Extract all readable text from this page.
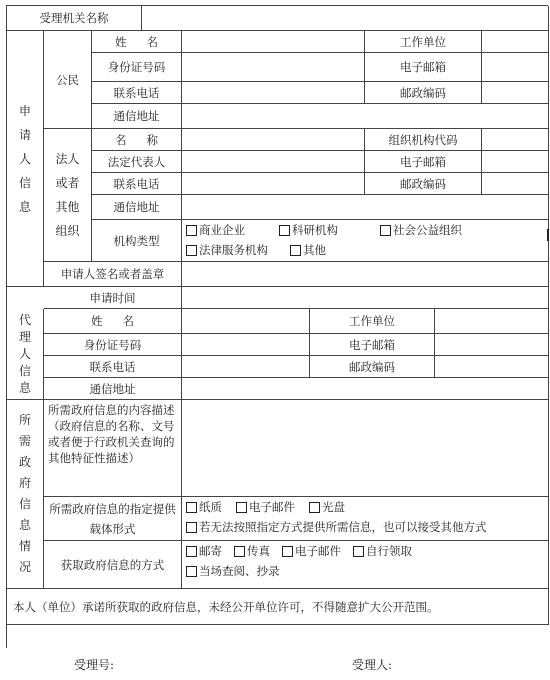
受理机关名称
申
请
人
信
息
公民
姓名	工作单位
身份证号码	电子邮箱
联系电话	邮政编码
通信地址
法人
或者
其他
组织
名称	组织机构代码
法定代表人	电子邮箱
联系电话	邮政编码
通信地址
机构类型
商业企业	科研机构	社会公益组织
法律服务机构	其他
申请人签名或者盖章
申请时间
代
理
人
信
息
姓名	工作单位
身份证号码	电子邮箱
联系电话	邮政编码
通信地址
所
需
政
府
信
息
情
况
所需政府信息的内容描述（政府信息的名称、文号或者便于行政机关查询的其他特征性描述）
所需政府信息的指定提供载体形式
纸质 电子邮件 光盘
若无法按照指定方式提供所需信息，也可以接受其他方式
获取政府信息的方式
邮寄 传真 电子邮件 自行领取
当场查阅、抄录
本人（单位）承诺所获取的政府信息，未经公开单位许可，不得随意扩大公开范围。
受理号:	受理人:
